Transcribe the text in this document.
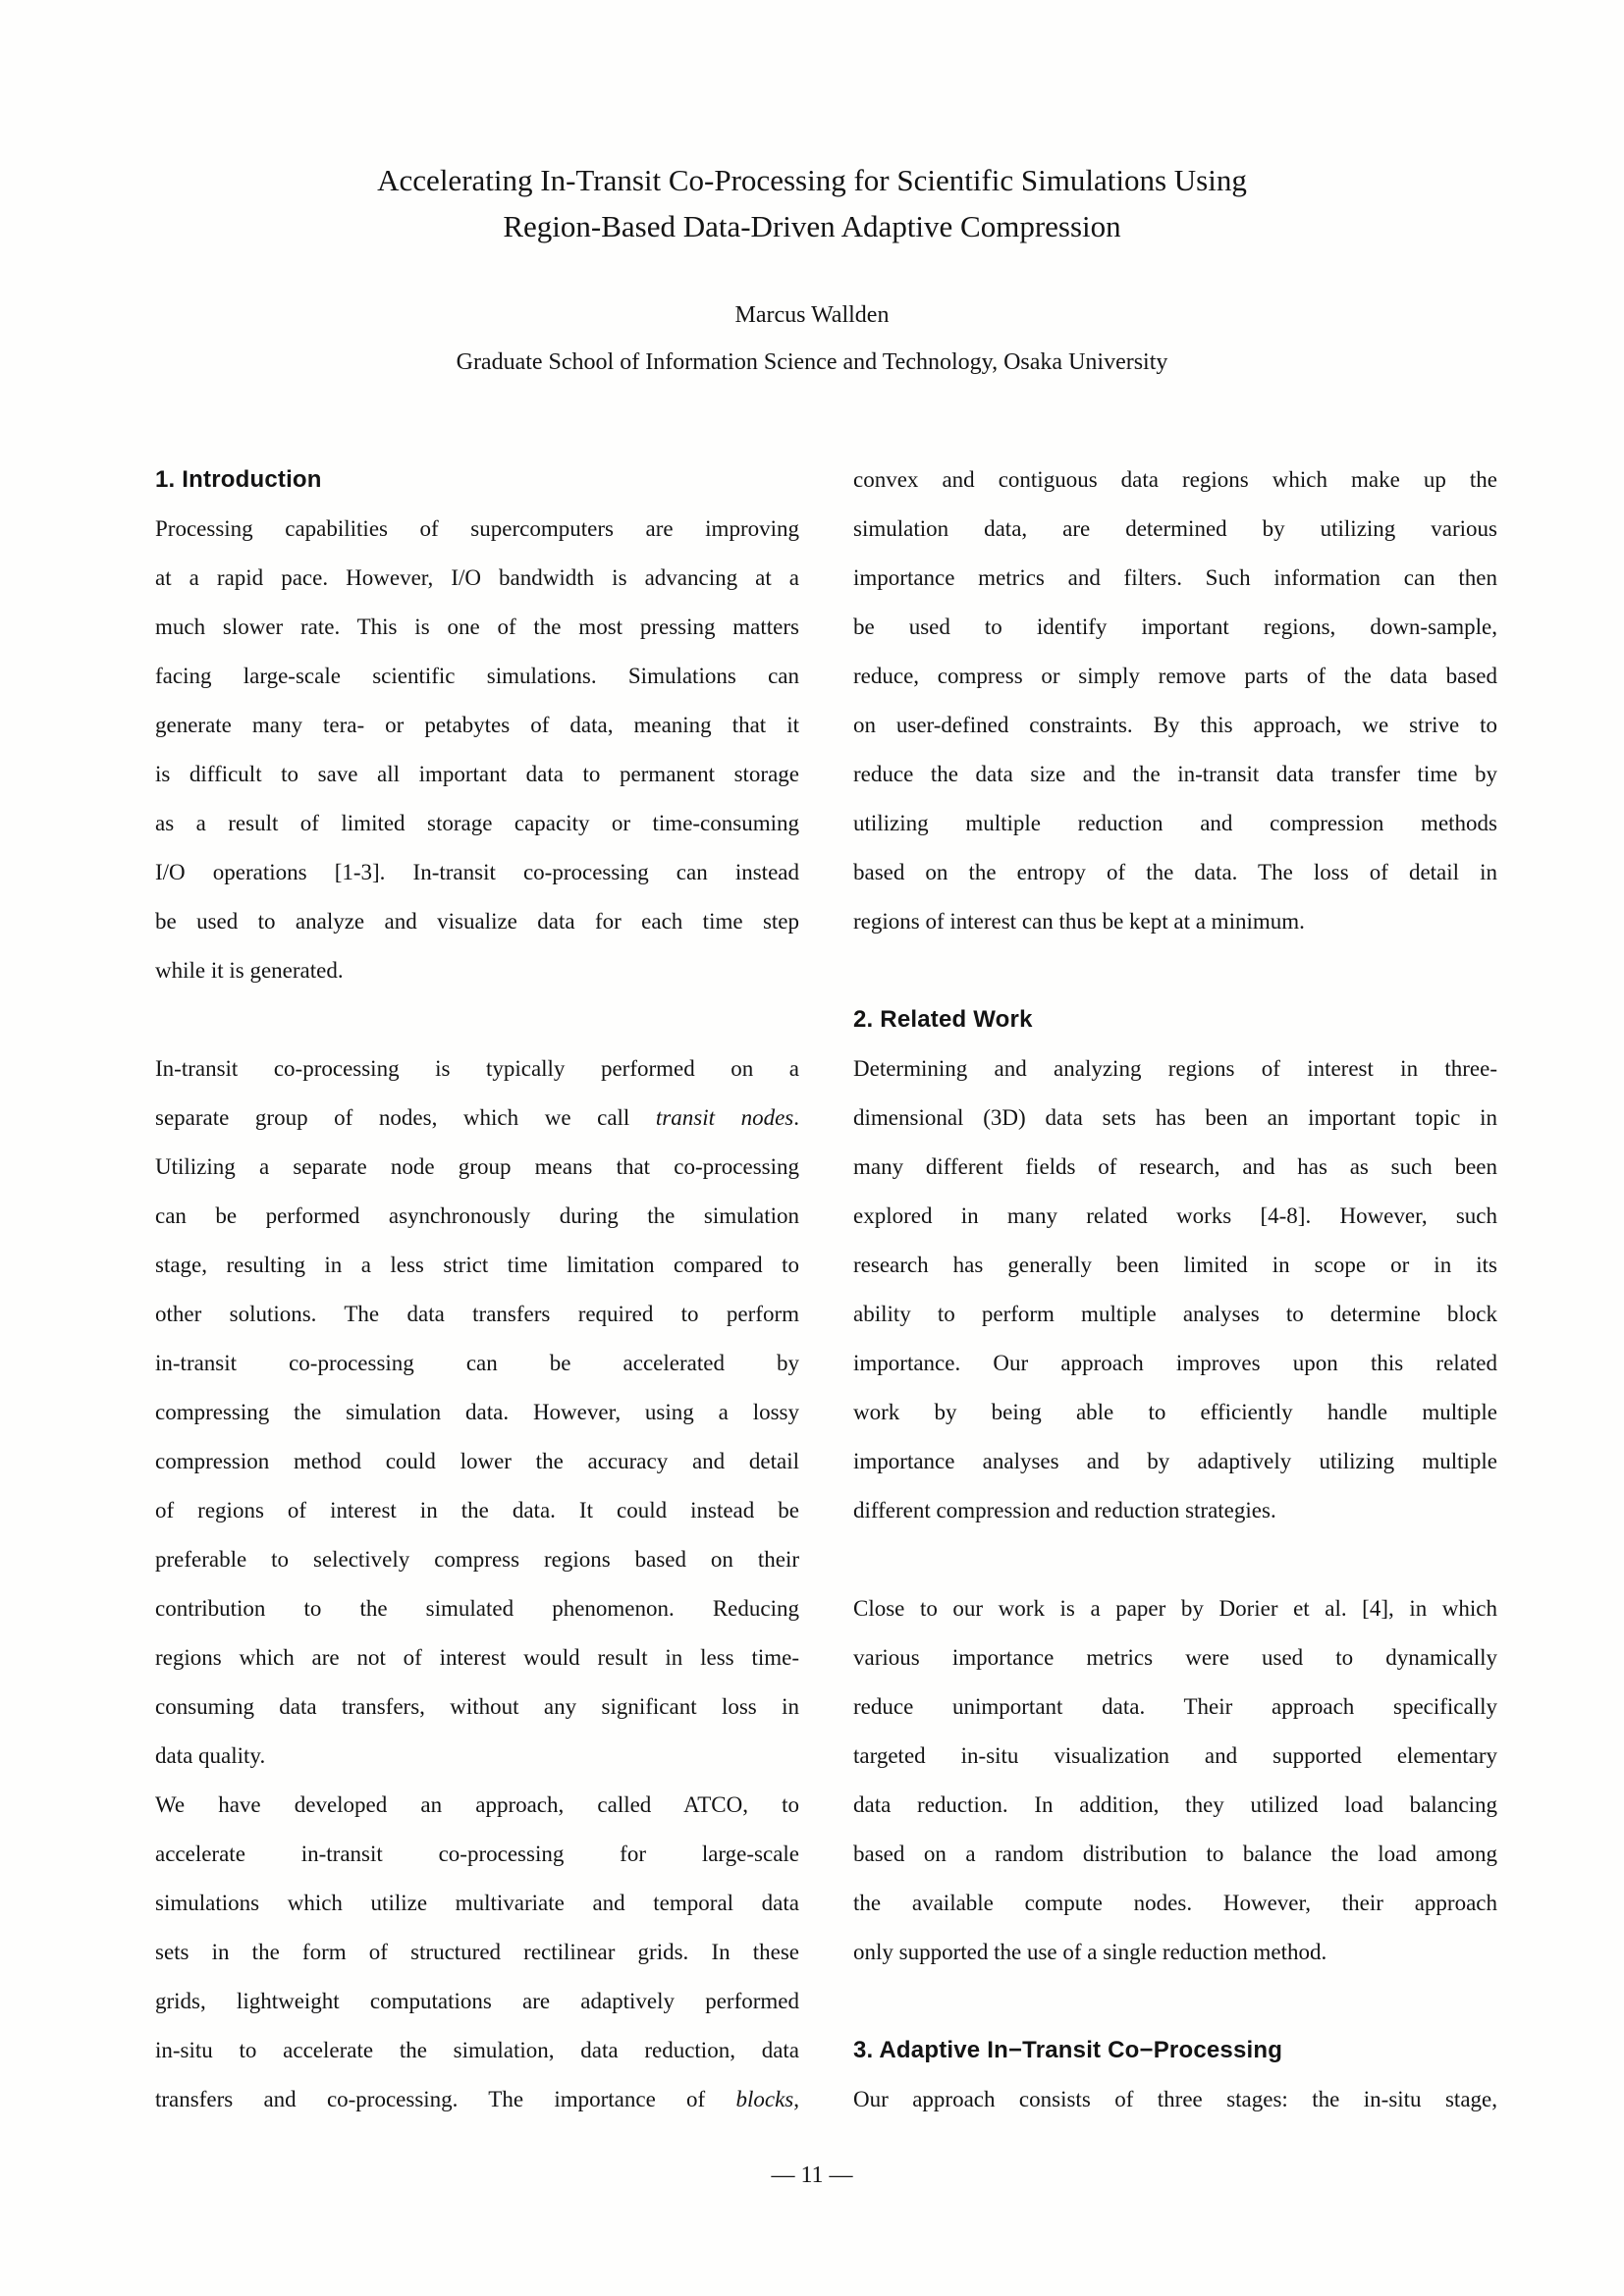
Accelerating In-Transit Co-Processing for Scientific Simulations Using
Region-Based Data-Driven Adaptive Compression
Marcus Wallden
Graduate School of Information Science and Technology, Osaka University
1. Introduction
Processing capabilities of supercomputers are improving
at a rapid pace. However, I/O bandwidth is advancing at a
much slower rate. This is one of the most pressing matters
facing large-scale scientific simulations. Simulations can
generate many tera- or petabytes of data, meaning that it
is difficult to save all important data to permanent storage
as a result of limited storage capacity or time-consuming
I/O operations [1-3]. In-transit co-processing can instead
be used to analyze and visualize data for each time step
while it is generated.
In-transit co-processing is typically performed on a
separate group of nodes, which we call transit nodes.
Utilizing a separate node group means that co-processing
can be performed asynchronously during the simulation
stage, resulting in a less strict time limitation compared to
other solutions. The data transfers required to perform
in-transit co-processing can be accelerated by
compressing the simulation data. However, using a lossy
compression method could lower the accuracy and detail
of regions of interest in the data. It could instead be
preferable to selectively compress regions based on their
contribution to the simulated phenomenon. Reducing
regions which are not of interest would result in less time-
consuming data transfers, without any significant loss in
data quality.
We have developed an approach, called ATCO, to
accelerate in-transit co-processing for large-scale
simulations which utilize multivariate and temporal data
sets in the form of structured rectilinear grids. In these
grids, lightweight computations are adaptively performed
in-situ to accelerate the simulation, data reduction, data
transfers and co-processing. The importance of blocks,
convex and contiguous data regions which make up the
simulation data, are determined by utilizing various
importance metrics and filters. Such information can then
be used to identify important regions, down-sample,
reduce, compress or simply remove parts of the data based
on user-defined constraints. By this approach, we strive to
reduce the data size and the in-transit data transfer time by
utilizing multiple reduction and compression methods
based on the entropy of the data. The loss of detail in
regions of interest can thus be kept at a minimum.
2. Related Work
Determining and analyzing regions of interest in three-
dimensional (3D) data sets has been an important topic in
many different fields of research, and has as such been
explored in many related works [4-8]. However, such
research has generally been limited in scope or in its
ability to perform multiple analyses to determine block
importance. Our approach improves upon this related
work by being able to efficiently handle multiple
importance analyses and by adaptively utilizing multiple
different compression and reduction strategies.
Close to our work is a paper by Dorier et al. [4], in which
various importance metrics were used to dynamically
reduce unimportant data. Their approach specifically
targeted in-situ visualization and supported elementary
data reduction. In addition, they utilized load balancing
based on a random distribution to balance the load among
the available compute nodes. However, their approach
only supported the use of a single reduction method.
3. Adaptive In−Transit Co−Processing
Our approach consists of three stages: the in-situ stage,
— 11 —
